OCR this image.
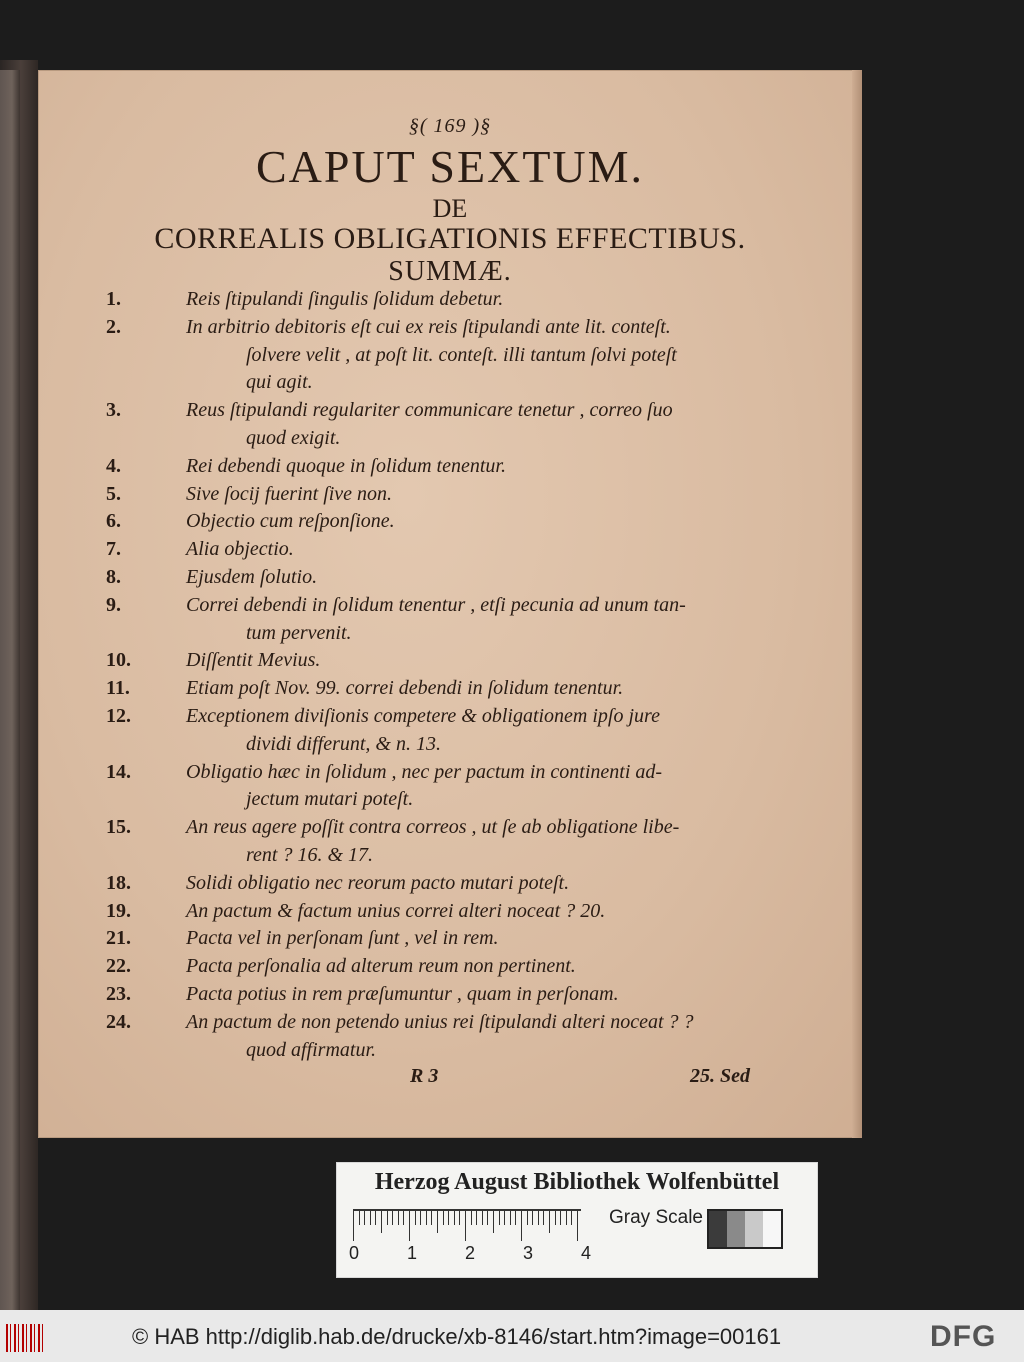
§( 169 )§
CAPUT SEXTUM.
DE
CORREALIS OBLIGATIONIS EFFECTIBUS.
SUMMÆ.
1.	Reis ſtipulandi ſingulis ſolidum debetur.
2.	In arbitrio debitoris eſt cui ex reis ſtipulandi ante lit. conteſt.
ſolvere velit , at poſt lit. conteſt. illi tantum ſolvi poteſt
qui agit.
3.	Reus ſtipulandi regulariter communicare tenetur , correo ſuo
quod exigit.
4.	Rei debendi quoque in ſolidum tenentur.
5.	Sive ſocij fuerint ſive non.
6.	Objectio cum reſponſione.
7.	Alia objectio.
8.	Ejusdem ſolutio.
9.	Correi debendi in ſolidum tenentur , etſi pecunia ad unum tan-
tum pervenit.
10.	Diſſentit Mevius.
11.	Etiam poſt Nov. 99. correi debendi in ſolidum tenentur.
12.	Exceptionem diviſionis competere & obligationem ipſo jure
dividi differunt, & n. 13.
14.	Obligatio hæc in ſolidum , nec per pactum in continenti ad-
jectum mutari poteſt.
15.	An reus agere poſſit contra correos , ut ſe ab obligatione libe-
rent ? 16. & 17.
18.	Solidi obligatio nec reorum pacto mutari poteſt.
19.	An pactum & factum unius correi alteri noceat ? 20.
21.	Pacta vel in perſonam ſunt , vel in rem.
22.	Pacta perſonalia ad alterum reum non pertinent.
23.	Pacta potius in rem præſumuntur , quam in perſonam.
24.	An pactum de non petendo unius rei ſtipulandi alteri noceat ? ?
quod affirmatur.
R 3	25. Sed
Herzog August Bibliothek Wolfenbüttel
0	1	2	3	4
Gray Scale
© HAB http://diglib.hab.de/drucke/xb-8146/start.htm?image=00161	DFG
